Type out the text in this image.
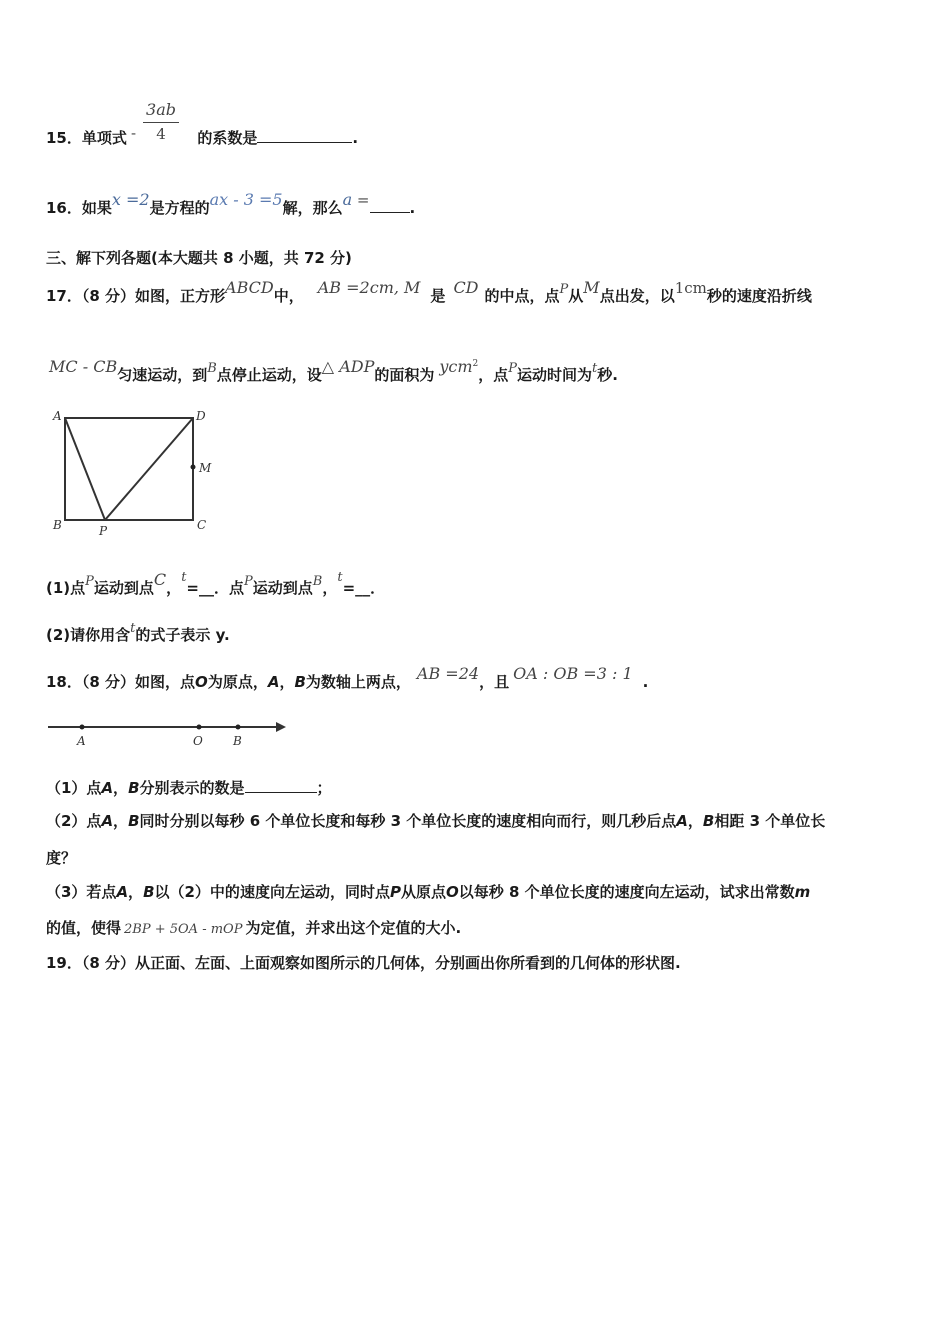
15．单项式	的系数是	.
- $\frac{3ab}{4}$
16．如果x =2是方程的ax - 3 =5解，那么a =	.
三、解下列各题(本大题共 8 小题，共 72 分)
17．（8 分）如图，正方形ABCD中， AB =2cm, M 是 CD 的中点，点P从M点出发，以1cm秒的速度沿折线
MC - CB匀速运动，到B点停止运动，设△ ADP的面积为 ycm$^2$，点P运动时间为t秒.
A	D
M
B	C
P
(1)点P运动到点C，t=__．点P运动到点B，t=__．
(2)请你用含t的式子表示 y.
18．（8 分）如图，点O为原点，A，B为数轴上两点， AB =24，且 OA : OB =3 : 1 .
A	O	B
（1）点A，B分别表示的数是	；
（2）点A，B同时分别以每秒 6 个单位长度和每秒 3 个单位长度的速度相向而行，则几秒后点A，B相距 3 个单位长
度？
（3）若点A，B以（2）中的速度向左运动，同时点P从原点O以每秒 8 个单位长度的速度向左运动，试求出常数m
的值，使得 2BP + 5OA - mOP 为定值，并求出这个定值的大小.
19．（8 分）从正面、左面、上面观察如图所示的几何体，分别画出你所看到的几何体的形状图.
